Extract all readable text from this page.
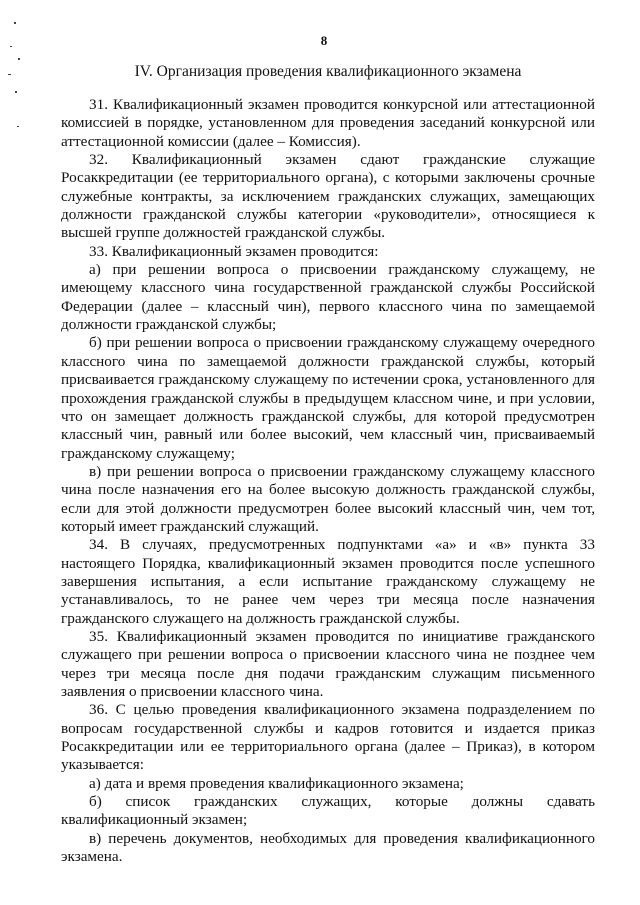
8
IV. Организация проведения квалификационного экзамена

31. Квалификационный экзамен проводится конкурсной или аттестационной комиссией в порядке, установленном для проведения заседаний конкурсной или аттестационной комиссии (далее – Комиссия).

32. Квалификационный экзамен сдают гражданские служащие Росаккредитации (ее территориального органа), с которыми заключены срочные служебные контракты, за исключением гражданских служащих, замещающих должности гражданской службы категории «руководители», относящиеся к высшей группе должностей гражданской службы.

33. Квалификационный экзамен проводится:

а) при решении вопроса о присвоении гражданскому служащему, не имеющему классного чина государственной гражданской службы Российской Федерации (далее – классный чин), первого классного чина по замещаемой должности гражданской службы;

б) при решении вопроса о присвоении гражданскому служащему очередного классного чина по замещаемой должности гражданской службы, который присваивается гражданскому служащему по истечении срока, установленного для прохождения гражданской службы в предыдущем классном чине, и при условии, что он замещает должность гражданской службы, для которой предусмотрен классный чин, равный или более высокий, чем классный чин, присваиваемый гражданскому служащему;

в) при решении вопроса о присвоении гражданскому служащему классного чина после назначения его на более высокую должность гражданской службы, если для этой должности предусмотрен более высокий классный чин, чем тот, который имеет гражданский служащий.

34. В случаях, предусмотренных подпунктами «а» и «в» пункта 33 настоящего Порядка, квалификационный экзамен проводится после успешного завершения испытания, а если испытание гражданскому служащему не устанавливалось, то не ранее чем через три месяца после назначения гражданского служащего на должность гражданской службы.

35. Квалификационный экзамен проводится по инициативе гражданского служащего при решении вопроса о присвоении классного чина не позднее чем через три месяца после дня подачи гражданским служащим письменного заявления о присвоении классного чина.

36. С целью проведения квалификационного экзамена подразделением по вопросам государственной службы и кадров готовится и издается приказ Росаккредитации или ее территориального органа (далее – Приказ), в котором указывается:

а) дата и время проведения квалификационного экзамена;

б) список гражданских служащих, которые должны сдавать квалификационный экзамен;

в) перечень документов, необходимых для проведения квалификационного экзамена.
